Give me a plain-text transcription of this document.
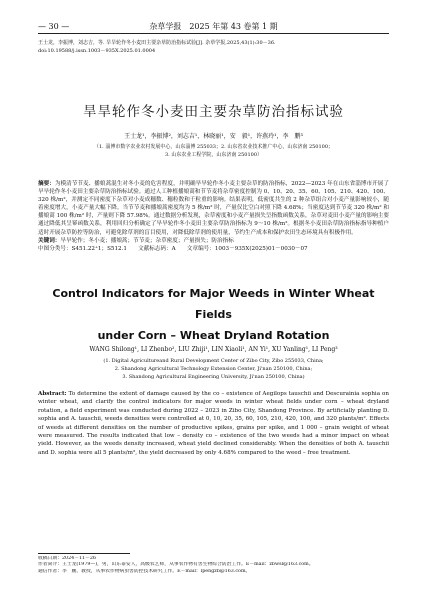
— 30 —	杂草学报　2025 年第 43 卷第 1 期
王士龙，李振博，刘志吉，等. 旱旱轮作冬小麦田主要杂草防治指标试验[J]. 杂草学报,2025,43(1):30－36.
doi:10.19588/j.issn.1003－935X.2025.01.0004
旱旱轮作冬小麦田主要杂草防治指标试验
王士龙¹，李振博²，刘志吉¹，林晓丽¹，安　毅¹，许燕玲¹，李　鹏³
（1. 淄博市数字农业农村发展中心，山东淄博 255033；2. 山东省农业技术推广中心，山东济南 250100；
3. 山东农业工程学院，山东济南 250100）

摘要：为模清节节麦、播娘蒿混生对冬小麦的危害程度，并明确旱旱轮作冬小麦主要杂草的防治指标，2022—2023 年在山东省淄博市开展了旱旱轮作冬小麦田主要杂草防治指标试验。通过人工种植播娘蒿和节节麦将杂草密度控制为 0、10、20、35、60、105、210、420、100、320 株/m²，并测定不同密度下杂草对小麦成穗数、穗粒数和千粒重的影响。结果表明，低密度共生的 2 种杂草组合对小麦产量影响较小，随着密度增大，小麦产量大幅下降。当节节麦和播娘蒿密度均为 5 株/m² 时，产量仅比空白对照下降 4.68%；当密度达到节节麦 320 株/m² 和播娘蒿 100 株/m² 时，产量则下降 57.98%。通过数据分析发现，杂草密度和小麦产量损失呈指数函数关系，杂草对麦田小麦产量的影响主要通过降低其呈幂函数关系，利用回归分析确定了旱旱轮作冬小麦田主要杂草防治指标为 9～10 株/m²。根据冬小麦田杂草防治指标指导种植户适时开展杂草防控等防治，可避免除草剂的盲目使用，对降低除草剂的使用量，节约生产成本和保护农田生态环境具有积极作用。

关键词：旱旱轮作；冬小麦；播娘蒿；节节麦；杂草密度；产量损失；防治指标

中图分类号：S451.22⁺1；S512.1　　文献标志码：A　　文章编号：1003－935X(2025)01－0030－07

Control Indicators for Major Weeds in Winter Wheat Fields
under Corn – Wheat Dryland Rotation
WANG Shilong¹, LI Zhenbo², LIU Zhiji¹, LIN Xiaoli¹, AN Yi¹, XU Yanling¹, LI Peng³
(1. Digital Agricultureand Rural Development Center of Zibo City, Zibo 255033, China;
2. Shandong Agricultural Technology Extension Center, Ji'nan 250100, China;
3. Shandong Agricultural Engineering University, Ji'nan 250100, China)

Abstract: To determine the extent of damage caused by the co – existence of Aegilops tauschii and Descurainia sophia on winter wheat, and clarify the control indicators for major weeds in winter wheat fields under corn – wheat dryland rotation, a field experiment was conducted during 2022 – 2023 in Zibo City, Shandong Province. By artificially planting D. sophia and A. tauschii, weeds densities were controlled at 0, 10, 20, 35, 60, 105, 210, 420, 100, and 320 plants/m². Effects of weeds at different densities on the number of productive spikes, grains per spike, and 1 000 – grain weight of wheat were measured. The results indicated that low – density co – existence of the two weeds had a minor impact on wheat yield. However, as the weeds density increased, wheat yield declined considerably. When the densities of both A. tauschii and D. sophia were all 5 plants/m², the yield decreased by only 4.68% compared to the weed – free treatment.

收稿日期：2024－11－26
作者简介：王士龙(1979—)，男，山东泰安人，高级农艺师，从事农作物有害生物综合防治工作。E－mail：zbwsl@163.com。
通信作者：李　鹏，教授，从事农作物病虫害防控技术研究工作。E－mail：lpengzb@163.com。
